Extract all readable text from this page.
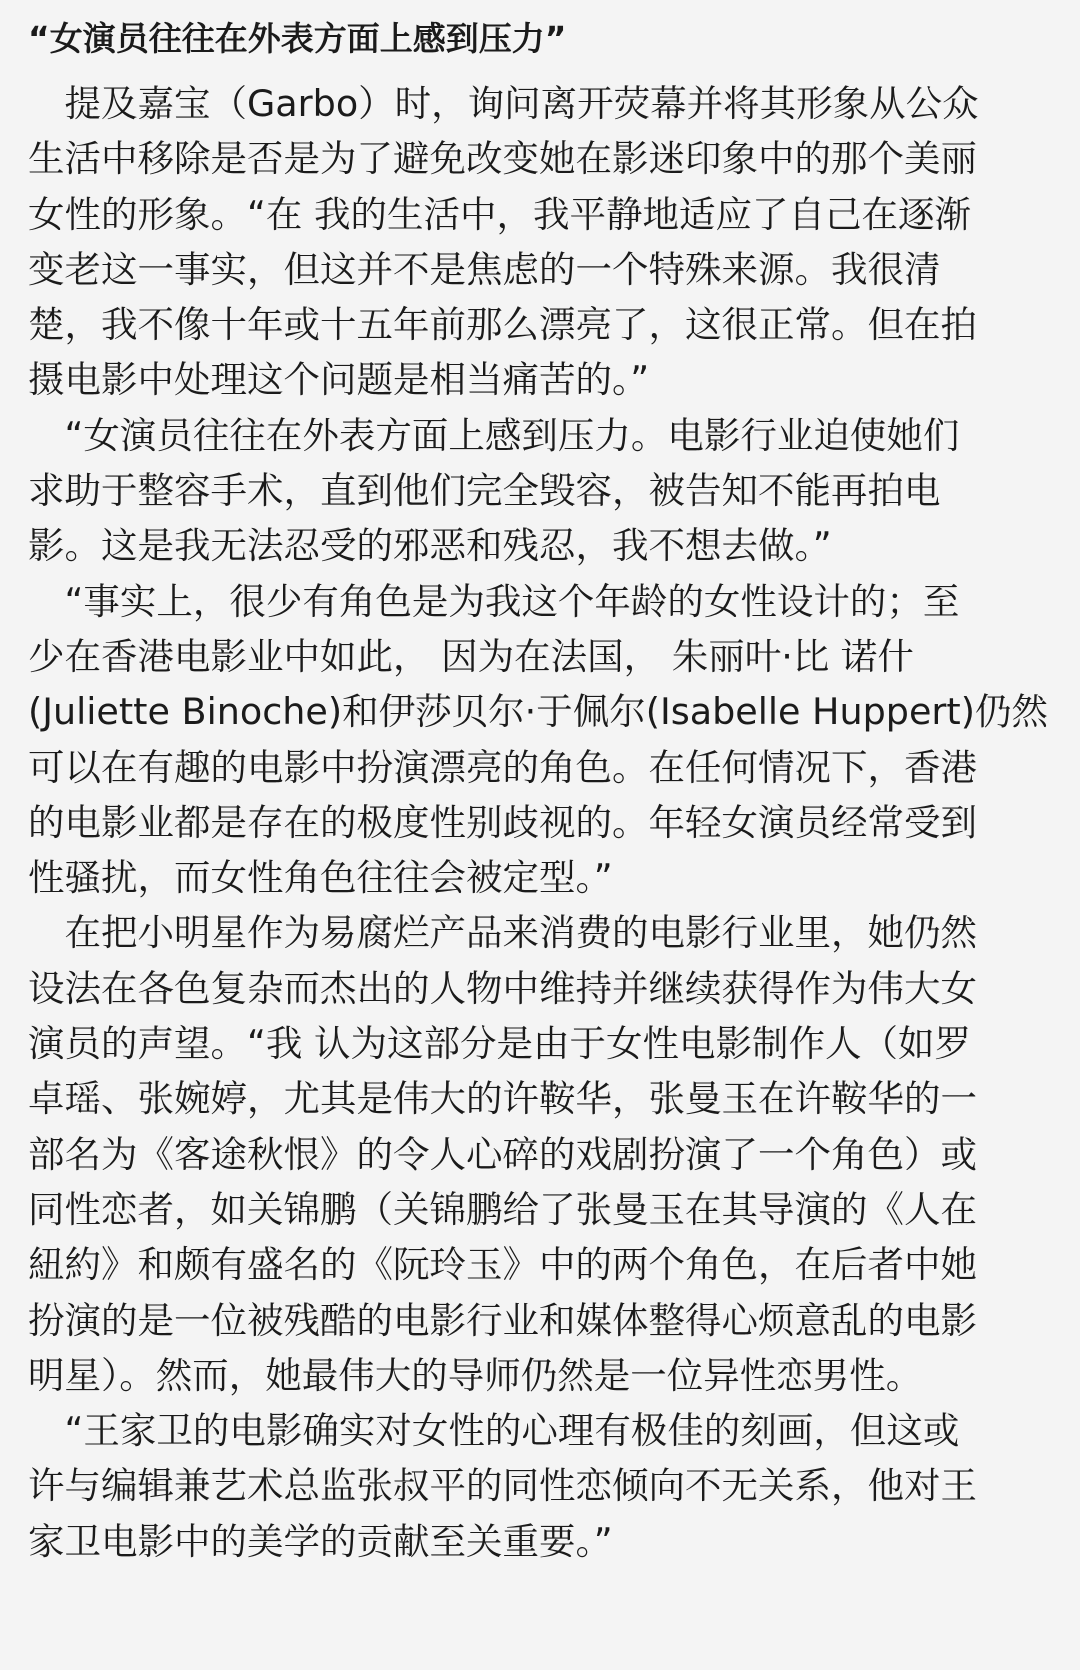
“女演员往往在外表方面上感到压力”
　提及嘉宝（Garbo）时，询问离开荧幕并将其形象从公众
生活中移除是否是为了避免改变她在影迷印象中的那个美丽
女性的形象。“在 我的生活中，我平静地适应了自己在逐渐
变老这一事实，但这并不是焦虑的一个特殊来源。我很清
楚，我不像十年或十五年前那么漂亮了，这很正常。但在拍
摄电影中处理这个问题是相当痛苦的。”
　“女演员往往在外表方面上感到压力。电影行业迫使她们
求助于整容手术，直到他们完全毁容，被告知不能再拍电
影。这是我无法忍受的邪恶和残忍，我不想去做。”
　“事实上，很少有角色是为我这个年龄的女性设计的；至
少在香港电影业中如此， 因为在法国， 朱丽叶·比 诺什
(Juliette Binoche)和伊莎贝尔·于佩尔(Isabelle Huppert)仍然
可以在有趣的电影中扮演漂亮的角色。在任何情况下，香港
的电影业都是存在的极度性别歧视的。年轻女演员经常受到
性骚扰，而女性角色往往会被定型。”
　在把小明星作为易腐烂产品来消费的电影行业里，她仍然
设法在各色复杂而杰出的人物中维持并继续获得作为伟大女
演员的声望。“我 认为这部分是由于女性电影制作人（如罗
卓瑶、张婉婷，尤其是伟大的许鞍华，张曼玉在许鞍华的一
部名为《客途秋恨》的令人心碎的戏剧扮演了一个角色）或
同性恋者，如关锦鹏（关锦鹏给了张曼玉在其导演的《人在
紐約》和颇有盛名的《阮玲玉》中的两个角色，在后者中她
扮演的是一位被残酷的电影行业和媒体整得心烦意乱的电影
明星）。然而，她最伟大的导师仍然是一位异性恋男性。
　“王家卫的电影确实对女性的心理有极佳的刻画，但这或
许与编辑兼艺术总监张叔平的同性恋倾向不无关系，他对王
家卫电影中的美学的贡献至关重要。”
